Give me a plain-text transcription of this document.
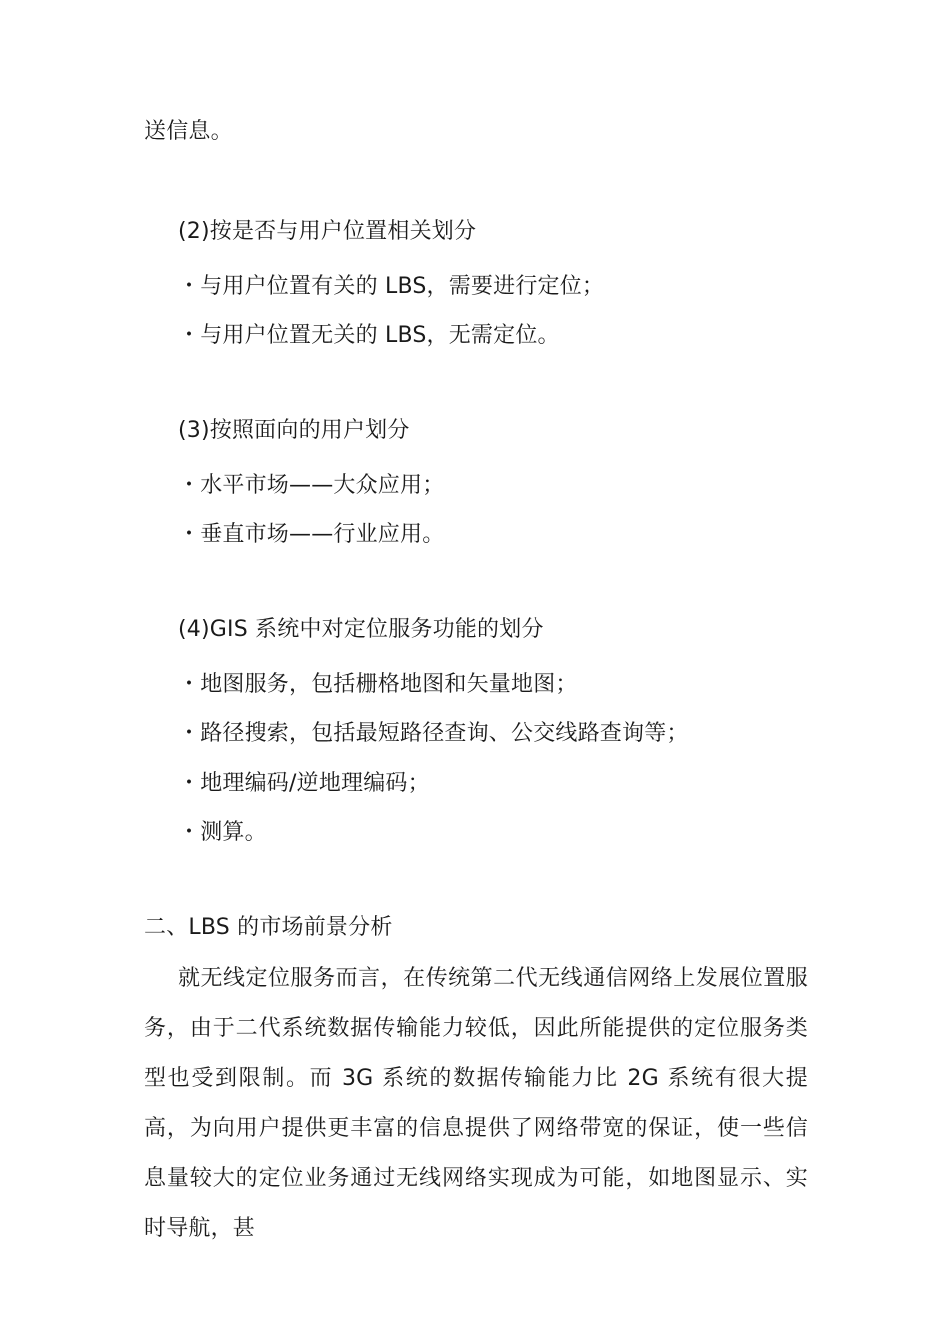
送信息。
(2)按是否与用户位置相关划分
・与用户位置有关的 LBS，需要进行定位；
・与用户位置无关的 LBS，无需定位。
(3)按照面向的用户划分
・水平市场——大众应用；
・垂直市场——行业应用。
(4)GIS 系统中对定位服务功能的划分
・地图服务，包括栅格地图和矢量地图；
・路径搜索，包括最短路径查询、公交线路查询等；
・地理编码/逆地理编码；
・测算。
二、LBS 的市场前景分析
就无线定位服务而言，在传统第二代无线通信网络上发展位置服务，由于二代系统数据传输能力较低，因此所能提供的定位服务类型也受到限制。而 3G 系统的数据传输能力比 2G 系统有很大提高，为向用户提供更丰富的信息提供了网络带宽的保证，使一些信息量较大的定位业务通过无线网络实现成为可能，如地图显示、实时导航，甚
